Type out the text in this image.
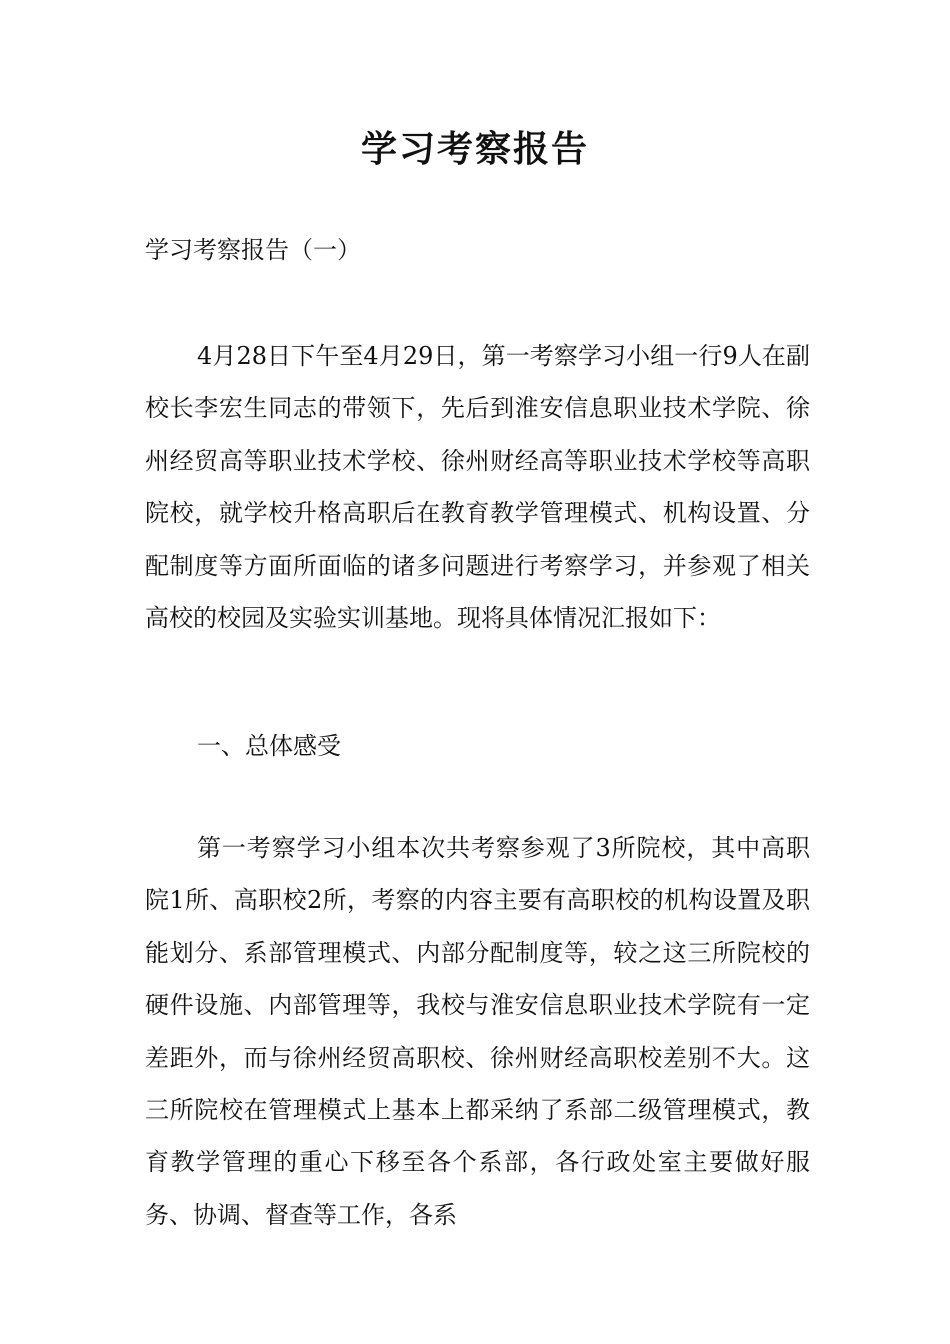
学习考察报告
学习考察报告（一）

4月28日下午至4月29日，第一考察学习小组一行9人在副校长李宏生同志的带领下，先后到淮安信息职业技术学院、徐州经贸高等职业技术学校、徐州财经高等职业技术学校等高职院校，就学校升格高职后在教育教学管理模式、机构设置、分配制度等方面所面临的诸多问题进行考察学习，并参观了相关高校的校园及实验实训基地。现将具体情况汇报如下：

一、总体感受

第一考察学习小组本次共考察参观了3所院校，其中高职院1所、高职校2所，考察的内容主要有高职校的机构设置及职能划分、系部管理模式、内部分配制度等，较之这三所院校的硬件设施、内部管理等，我校与淮安信息职业技术学院有一定差距外，而与徐州经贸高职校、徐州财经高职校差别不大。这三所院校在管理模式上基本上都采纳了系部二级管理模式，教育教学管理的重心下移至各个系部，各行政处室主要做好服务、协调、督查等工作，各系
